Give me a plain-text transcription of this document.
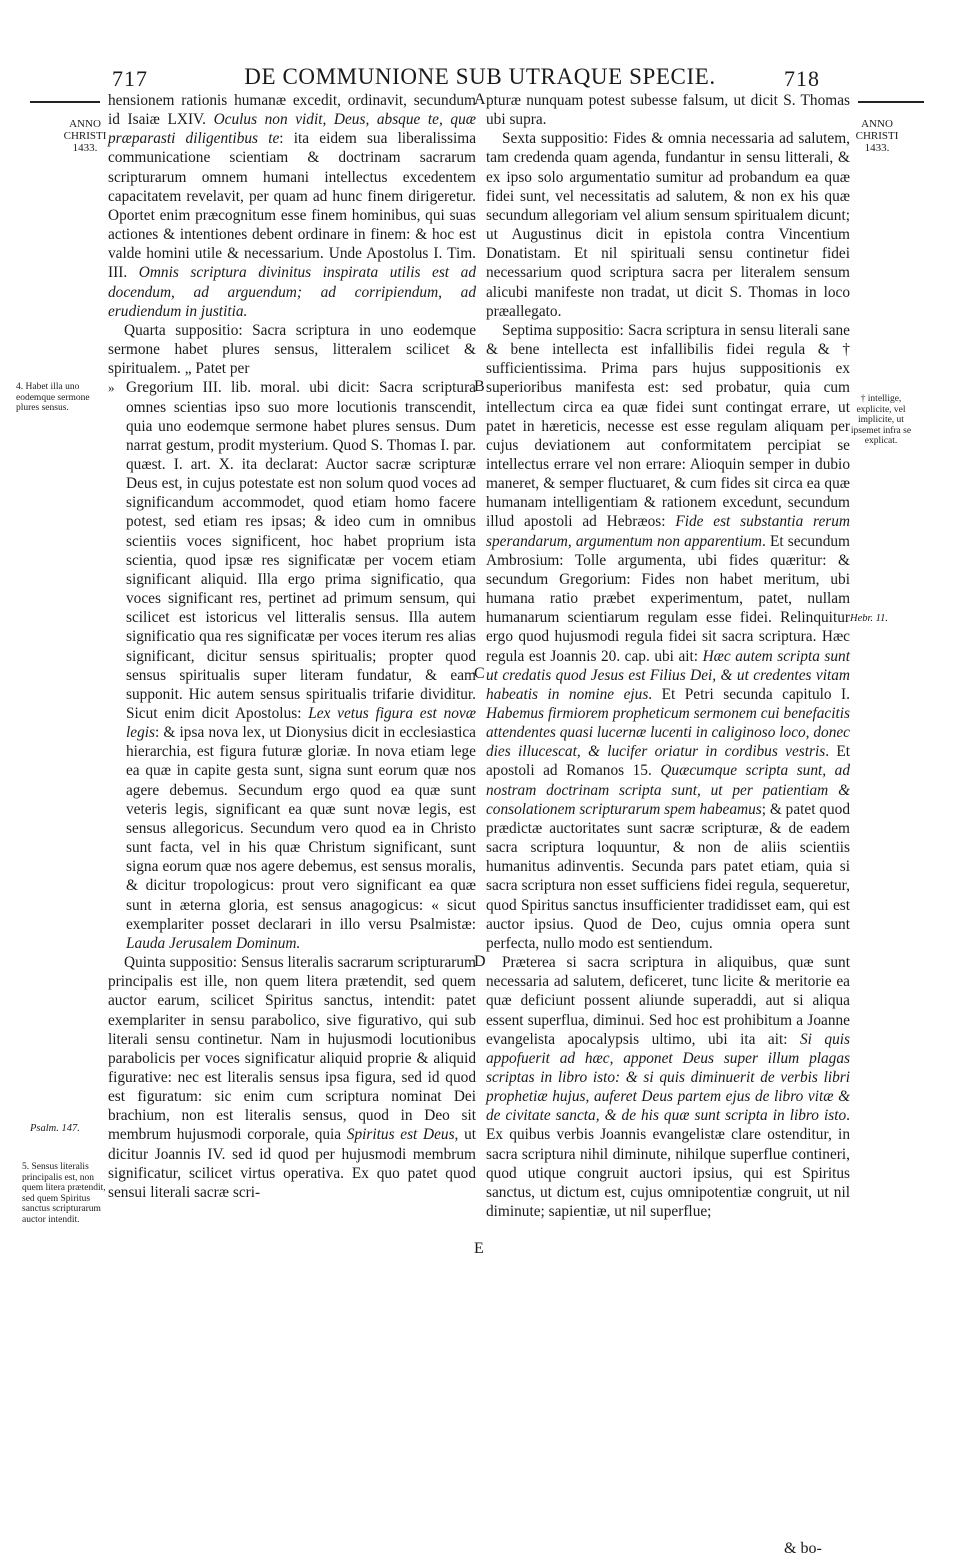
717	DE COMMUNIONE SUB UTRAQUE SPECIE.	718
ANNO CHRISTI 1433.
ANNO CHRISTI 1433.
4. Habet illa uno eodemque sermone plures sensus.
Psalm. 147.
5. Sensus literalis principalis est, non quem litera prætendit, sed quem Spiritus sanctus scripturarum auctor intendit.
† intellige, explicite, vel implicite, ut ipsemet infra se explicat.
Hebr. 11.
A
B
C
D
E

hensionem rationis humanæ excedit, ordinavit, secundum id Isaiæ LXIV. Oculus non vidit, Deus, absque te, quæ præparasti diligentibus te: ita eidem sua liberalissima communicatione scientiam & doctrinam sacrarum scripturarum omnem humani intellectus excedentem capacitatem revelavit, per quam ad hunc finem dirigeretur. Oportet enim præcognitum esse finem hominibus, qui suas actiones & intentiones debent ordinare in finem: & hoc est valde homini utile & necessarium. Unde Apostolus I. Tim. III. Omnis scriptura divinitus inspirata utilis est ad docendum, ad arguendum; ad corripiendum, ad erudiendum in justitia.

Quarta suppositio: Sacra scriptura in uno eodemque sermone habet plures sensus, litteralem scilicet & spiritualem. „ Patet per

» Gregorium III. lib. moral. ubi dicit: Sacra scriptura omnes scientias ipso suo more locutionis transcendit, quia uno eodemque sermone habet plures sensus. Dum narrat gestum, prodit mysterium. Quod S. Thomas I. par. quæst. I. art. X. ita declarat: Auctor sacræ scripturæ Deus est, in cujus potestate est non solum quod voces ad significandum accommodet, quod etiam homo facere potest, sed etiam res ipsas; & ideo cum in omnibus scientiis voces significent, hoc habet proprium ista scientia, quod ipsæ res significatæ per vocem etiam significant aliquid. Illa ergo prima significatio, qua voces significant res, pertinet ad primum sensum, qui scilicet est istoricus vel litteralis sensus. Illa autem significatio qua res significatæ per voces iterum res alias significant, dicitur sensus spiritualis; propter quod sensus spiritualis super literam fundatur, & eam supponit. Hic autem sensus spiritualis trifarie dividitur. Sicut enim dicit Apostolus: Lex vetus figura est novæ legis: & ipsa nova lex, ut Dionysius dicit in ecclesiastica hierarchia, est figura futuræ gloriæ. In nova etiam lege ea quæ in capite gesta sunt, signa sunt eorum quæ nos agere debemus. Secundum ergo quod ea quæ sunt veteris legis, significant ea quæ sunt novæ legis, est sensus allegoricus. Secundum vero quod ea in Christo sunt facta, vel in his quæ Christum significant, sunt signa eorum quæ nos agere debemus, est sensus moralis, & dicitur tropologicus: prout vero significant ea quæ sunt in æterna gloria, est sensus anagogicus: « sicut exemplariter posset declarari in illo versu Psalmistæ: Lauda Jerusalem Dominum.

Quinta suppositio: Sensus literalis sacrarum scripturarum principalis est ille, non quem litera prætendit, sed quem auctor earum, scilicet Spiritus sanctus, intendit: patet exemplariter in sensu parabolico, sive figurativo, qui sub literali sensu continetur. Nam in hujusmodi locutionibus parabolicis per voces significatur aliquid proprie & aliquid figurative: nec est literalis sensus ipsa figura, sed id quod est figuratum: sic enim cum scriptura nominat Dei brachium, non est literalis sensus, quod in Deo sit membrum hujusmodi corporale, quia Spiritus est Deus, ut dicitur Joannis IV. sed id quod per hujusmodi membrum significatur, scilicet virtus operativa. Ex quo patet quod sensui literali sacræ scri-

pturæ nunquam potest subesse falsum, ut dicit S. Thomas ubi supra.

Sexta suppositio: Fides & omnia necessaria ad salutem, tam credenda quam agenda, fundantur in sensu litterali, & ex ipso solo argumentatio sumitur ad probandum ea quæ fidei sunt, vel necessitatis ad salutem, & non ex his quæ secundum allegoriam vel alium sensum spiritualem dicunt; ut Augustinus dicit in epistola contra Vincentium Donatistam. Et nil spirituali sensu continetur fidei necessarium quod scriptura sacra per literalem sensum alicubi manifeste non tradat, ut dicit S. Thomas in loco præallegato.

Septima suppositio: Sacra scriptura in sensu literali sane & bene intellecta est infallibilis fidei regula & † sufficientissima. Prima pars hujus suppositionis ex superioribus manifesta est: sed probatur, quia cum intellectum circa ea quæ fidei sunt contingat errare, ut patet in hæreticis, necesse est esse regulam aliquam per cujus deviationem aut conformitatem percipiat se intellectus errare vel non errare: Alioquin semper in dubio maneret, & semper fluctuaret, & cum fides sit circa ea quæ humanam intelligentiam & rationem excedunt, secundum illud apostoli ad Hebræos: Fide est substantia rerum sperandarum, argumentum non apparentium. Et secundum Ambrosium: Tolle argumenta, ubi fides quæritur: & secundum Gregorium: Fides non habet meritum, ubi humana ratio præbet experimentum, patet, nullam humanarum scientiarum regulam esse fidei. Relinquitur ergo quod hujusmodi regula fidei sit sacra scriptura. Hæc regula est Joannis 20. cap. ubi ait: Hæc autem scripta sunt ut credatis quod Jesus est Filius Dei, & ut credentes vitam habeatis in nomine ejus. Et Petri secunda capitulo I. Habemus firmiorem propheticum sermonem cui benefacitis attendentes quasi lucernæ lucenti in caliginoso loco, donec dies illucescat, & lucifer oriatur in cordibus vestris. Et apostoli ad Romanos 15. Quæcumque scripta sunt, ad nostram doctrinam scripta sunt, ut per patientiam & consolationem scripturarum spem habeamus; & patet quod prædictæ auctoritates sunt sacræ scripturæ, & de eadem sacra scriptura loquuntur, & non de aliis scientiis humanitus adinventis. Secunda pars patet etiam, quia si sacra scriptura non esset sufficiens fidei regula, sequeretur, quod Spiritus sanctus insufficienter tradidisset eam, qui est auctor ipsius. Quod de Deo, cujus omnia opera sunt perfecta, nullo modo est sentiendum.

Præterea si sacra scriptura in aliquibus, quæ sunt necessaria ad salutem, deficeret, tunc licite & meritorie ea quæ deficiunt possent aliunde superaddi, aut si aliqua essent superflua, diminui. Sed hoc est prohibitum a Joanne evangelista apocalypsis ultimo, ubi ita ait: Si quis appofuerit ad hæc, apponet Deus super illum plagas scriptas in libro isto: & si quis diminuerit de verbis libri prophetiæ hujus, auferet Deus partem ejus de libro vitæ & de civitate sancta, & de his quæ sunt scripta in libro isto. Ex quibus verbis Joannis evangelistæ clare ostenditur, in sacra scriptura nihil diminute, nihilque superflue contineri, quod utique congruit auctori ipsius, qui est Spiritus sanctus, ut dictum est, cujus omnipotentiæ congruit, ut nil diminute; sapientiæ, ut nil superflue;

& bo-
